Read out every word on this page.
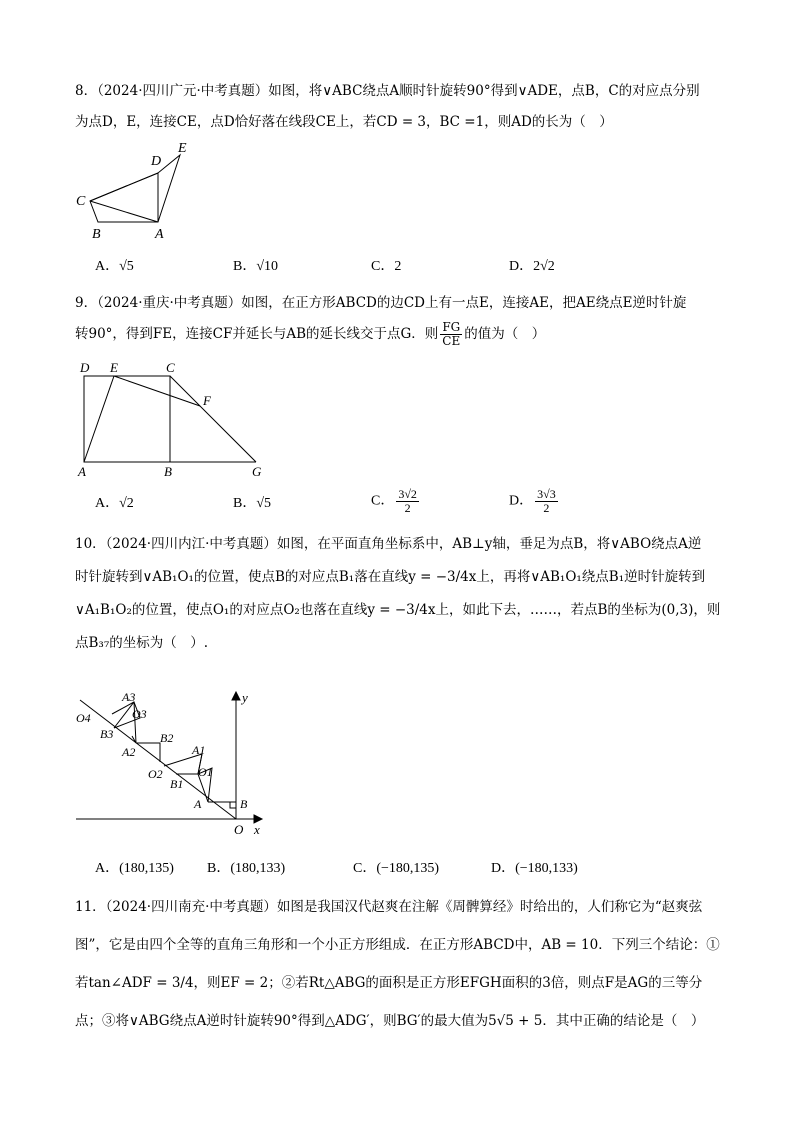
8．（2024·四川广元·中考真题）如图，将∨ABC绕点A顺时针旋转90°得到∨ADE，点B，C的对应点分别
为点D，E，连接CE，点D恰好落在线段CE上，若CD = 3，BC =1，则AD的长为（　）
E
D
C
B	A
A．√5	B．√10	C．2	D．2√2
9．（2024·重庆·中考真题）如图，在正方形ABCD的边CD上有一点E，连接AE，把AE绕点E逆时针旋
转90°，得到FE，连接CF并延长与AB的延长线交于点G．则 $\frac{FG}{CE}$ 的值为（　）
D E	C
F
A	B	G
A．√2	B．√5	C． $\frac{3√2}{2}$	D． $\frac{3√3}{2}$
10．（2024·四川内江·中考真题）如图，在平面直角坐标系中，AB⊥y轴，垂足为点B，将∨ABO绕点A逆
时针旋转到∨AB₁O₁的位置，使点B的对应点B₁落在直线y = −3/4x上，再将∨AB₁O₁绕点B₁逆时针旋转到
∨A₁B₁O₂的位置，使点O₁的对应点O₂也落在直线y = −3/4x上，如此下去，……，若点B的坐标为(0,3)，则
点B₃₇的坐标为（　）.
y
A3
O4	O3
B2
B3
A1
A2
O1
O2
B1
A	B
O x
A．(180,135)	B．(180,133)	C．(−180,135)	D．(−180,133)
11．（2024·四川南充·中考真题）如图是我国汉代赵爽在注解《周髀算经》时给出的，人们称它为“赵爽弦
图”，它是由四个全等的直角三角形和一个小正方形组成．在正方形ABCD中，AB = 10．下列三个结论：①
若tan∠ADF = 3/4，则EF = 2；②若Rt△ABG的面积是正方形EFGH面积的3倍，则点F是AG的三等分
点；③将∨ABG绕点A逆时针旋转90°得到△ADG′，则BG′的最大值为5√5 + 5．其中正确的结论是（　）
